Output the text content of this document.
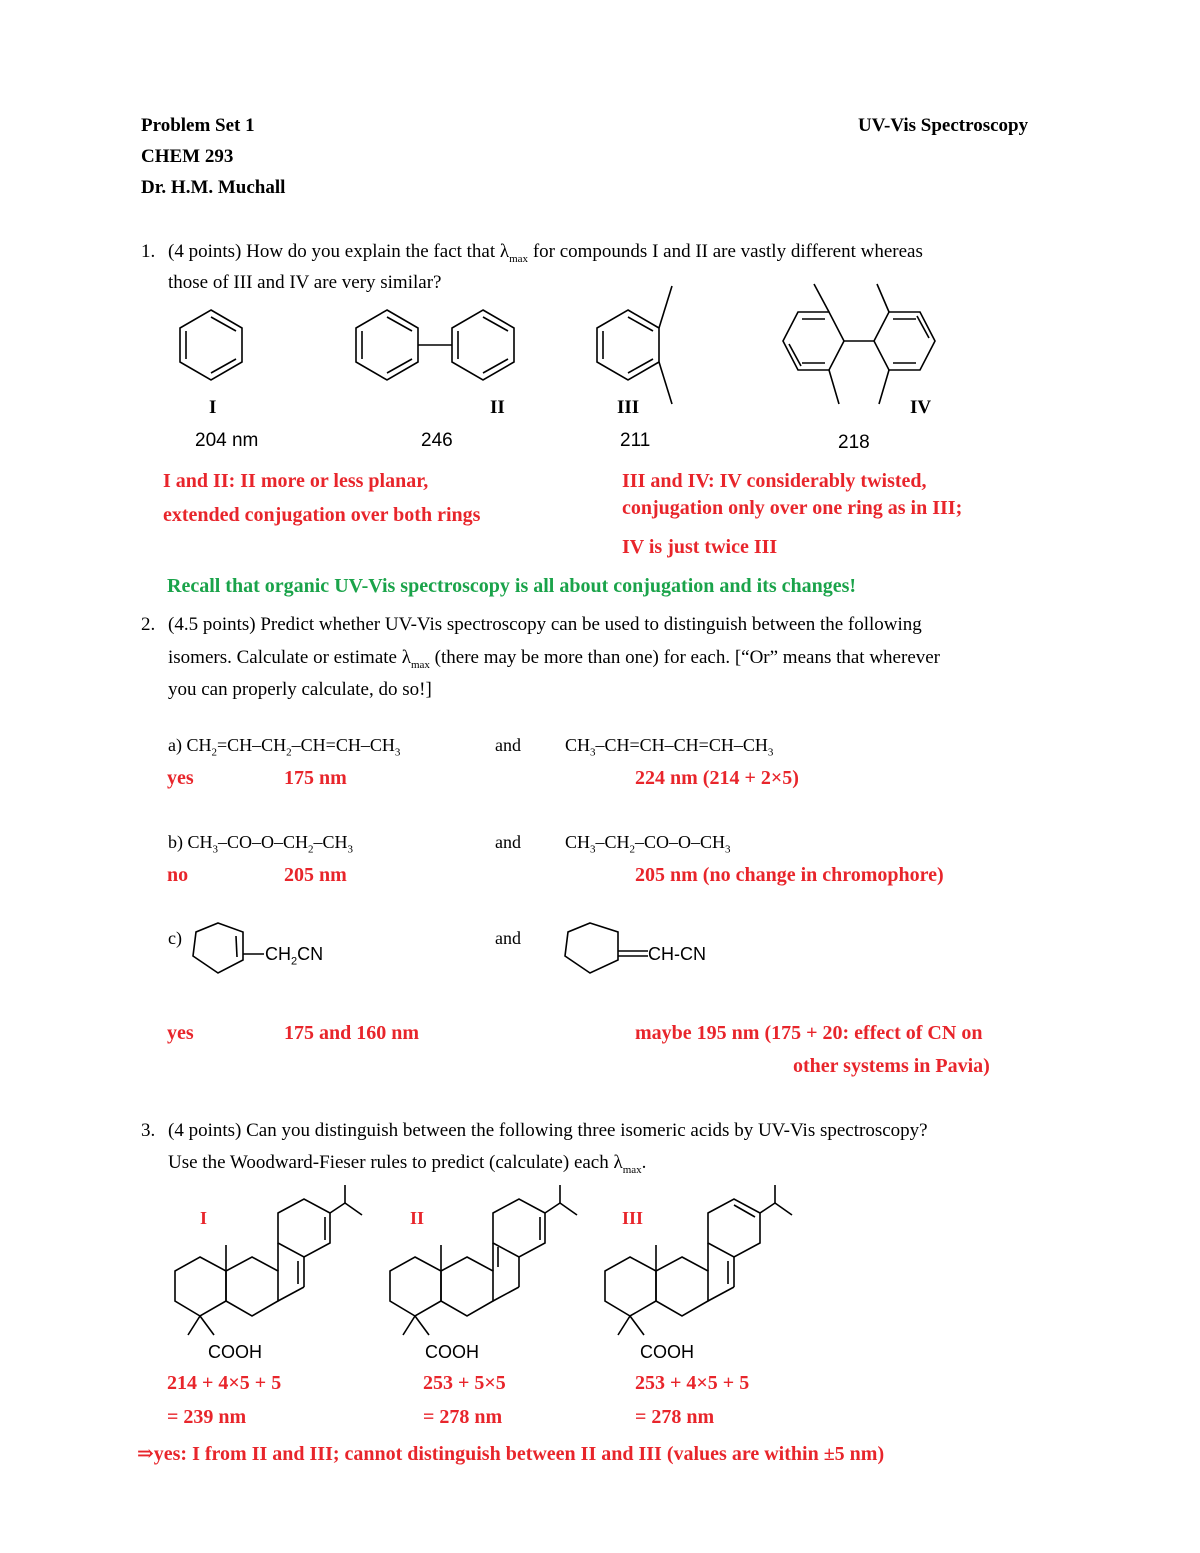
Problem Set 1
CHEM 293
Dr. H.M. Muchall
UV-Vis Spectroscopy
1. (4 points) How do you explain the fact that $\lambda_{max}$ for compounds I and II are vastly different whereas
those of III and IV are very similar?
I	II	III	IV
204 nm	246	211	218
I and II: II more or less planar,
extended conjugation over both rings
III and IV: IV considerably twisted,
conjugation only over one ring as in III;
IV is just twice III
Recall that organic UV-Vis spectroscopy is all about conjugation and its changes!
2. (4.5 points) Predict whether UV-Vis spectroscopy can be used to distinguish between the following
isomers. Calculate or estimate $\lambda_{max}$ (there may be more than one) for each. [“Or” means that wherever
you can properly calculate, do so!]
a) $CH_2=CH-CH_2-CH=CH-CH_3$	and $CH_3-CH=CH-CH=CH-CH_3$
yes	175 nm	224 nm (214 + 2×5)
b) $CH_3-CO-O-CH_2-CH_3$	and $CH_3-CH_2-CO-O-CH_3$
no	205 nm	205 nm (no change in chromophore)
c)
$CH_2CN$
and
CH-CN
yes	175 and 160 nm	maybe 195 nm (175 + 20: effect of CN on
other systems in Pavia)
3. (4 points) Can you distinguish between the following three isomeric acids by UV-Vis spectroscopy?
Use the Woodward-Fieser rules to predict (calculate) each $\lambda_{max}$.
I	II	III
COOH	COOH	COOH
214 + 4×5 + 5	253 + 5×5	253 + 4×5 + 5
= 239 nm	= 278 nm	= 278 nm
⇒yes: I from II and III; cannot distinguish between II and III (values are within ±5 nm)
